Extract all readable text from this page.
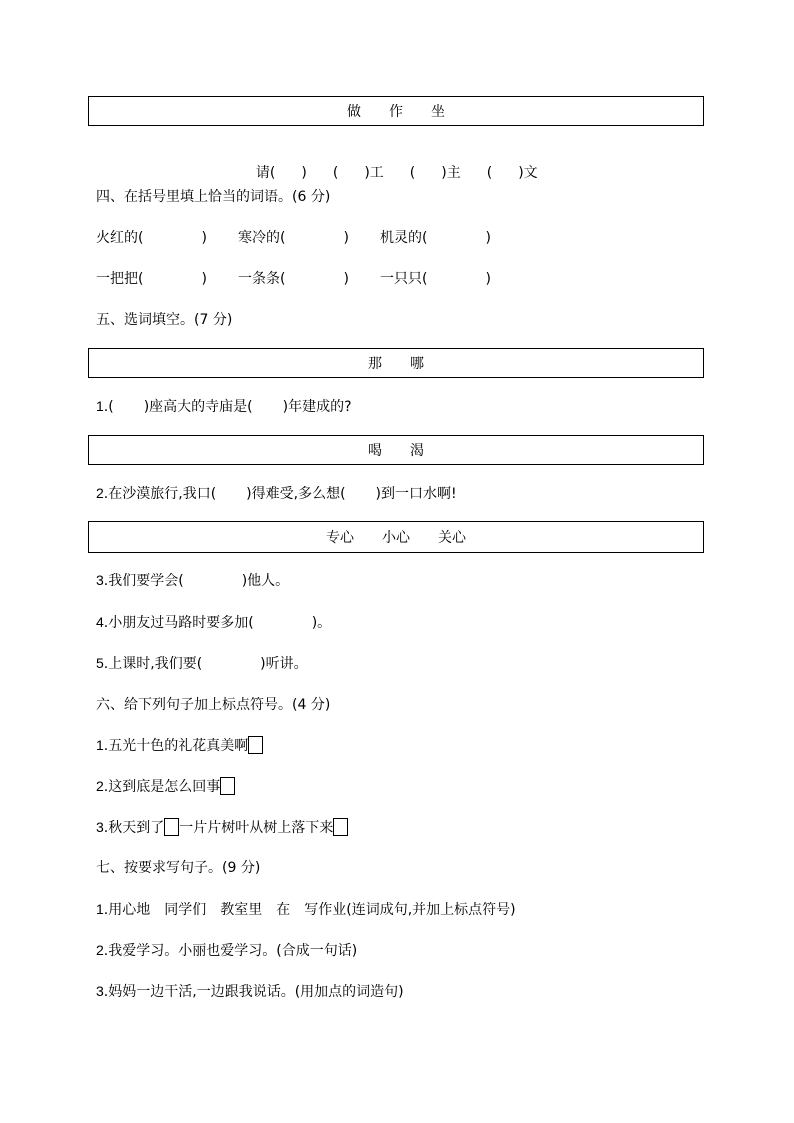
做　　作　　坐

请( ) ( )工 ( )主 ( )文

四、在括号里填上恰当的词语。(6 分)
火红的(	) 寒冷的(	) 机灵的(	)
一把把(	) 一条条(	) 一只只(	)
五、选词填空。(7 分)
那　　哪
1.( )座高大的寺庙是( )年建成的?
喝　　渴
2.在沙漠旅行,我口( )得难受,多么想( )到一口水啊!
专心　　小心　　关心
3.我们要学会(	)他人。
4.小朋友过马路时要多加(	)。
5.上课时,我们要(	)听讲。
六、给下列句子加上标点符号。(4 分)
1.五光十色的礼花真美啊
2.这到底是怎么回事
3.秋天到了 一片片树叶从树上落下来
七、按要求写句子。(9 分)
1.用心地　同学们　教室里　在　写作业(连词成句,并加上标点符号)
2.我爱学习。小丽也爱学习。(合成一句话)
3.妈妈一边干活,一边跟我说话。(用加点的词造句)
